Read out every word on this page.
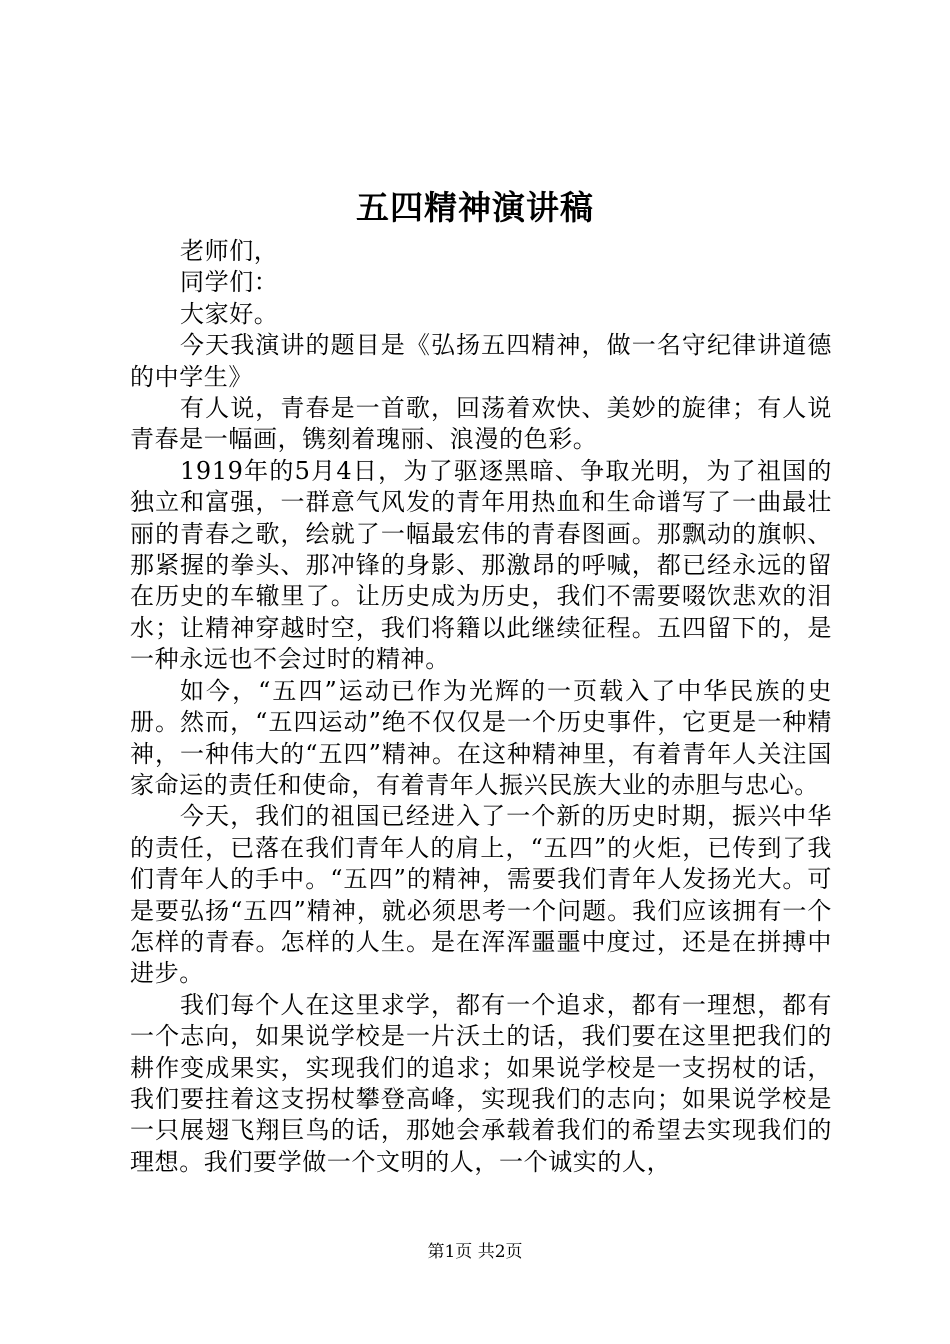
五四精神演讲稿

老师们，

同学们：

大家好。

今天我演讲的题目是《弘扬五四精神，做一名守纪律讲道德的中学生》

有人说，青春是一首歌，回荡着欢快、美妙的旋律；有人说青春是一幅画，镌刻着瑰丽、浪漫的色彩。

1919年的5月4日，为了驱逐黑暗、争取光明，为了祖国的独立和富强，一群意气风发的青年用热血和生命谱写了一曲最壮丽的青春之歌，绘就了一幅最宏伟的青春图画。那飘动的旗帜、那紧握的拳头、那冲锋的身影、那激昂的呼喊，都已经永远的留在历史的车辙里了。让历史成为历史，我们不需要啜饮悲欢的泪水；让精神穿越时空，我们将籍以此继续征程。五四留下的，是一种永远也不会过时的精神。

如今，“五四”运动已作为光辉的一页载入了中华民族的史册。然而，“五四运动”绝不仅仅是一个历史事件，它更是一种精神，一种伟大的“五四”精神。在这种精神里，有着青年人关注国家命运的责任和使命，有着青年人振兴民族大业的赤胆与忠心。

今天，我们的祖国已经进入了一个新的历史时期，振兴中华的责任，已落在我们青年人的肩上，“五四”的火炬，已传到了我们青年人的手中。“五四”的精神，需要我们青年人发扬光大。可是要弘扬“五四”精神，就必须思考一个问题。我们应该拥有一个怎样的青春。怎样的人生。是在浑浑噩噩中度过，还是在拼搏中进步。

我们每个人在这里求学，都有一个追求，都有一理想，都有一个志向，如果说学校是一片沃土的话，我们要在这里把我们的耕作变成果实，实现我们的追求；如果说学校是一支拐杖的话，我们要拄着这支拐杖攀登高峰，实现我们的志向；如果说学校是一只展翅飞翔巨鸟的话，那她会承载着我们的希望去实现我们的理想。我们要学做一个文明的人，一个诚实的人，

第1页 共2页
